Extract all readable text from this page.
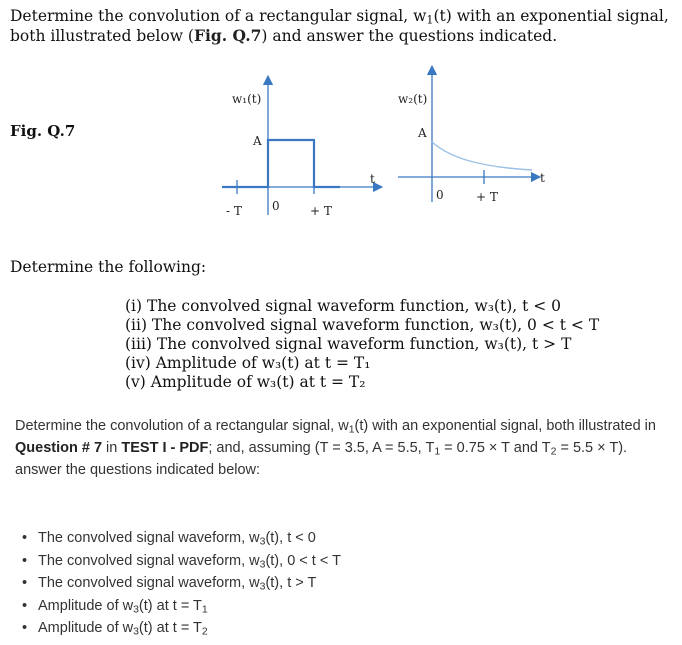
Determine the convolution of a rectangular signal, $w_1(t)$ with an exponential signal, both illustrated below (Fig. Q.7) and answer the questions indicated.
Fig. Q.7
w₁(t)
A
t
- T	0	+ T
w₂(t)
A
t
0	+ T
Determine the following:
(i) The convolved signal waveform function, w₃(t), t < 0
(ii) The convolved signal waveform function, w₃(t), 0 < t < T
(iii) The convolved signal waveform function, w₃(t), t > T
(iv) Amplitude of w₃(t) at t = T₁
(v) Amplitude of w₃(t) at t = T₂
Determine the convolution of a rectangular signal, $w_1(t)$ with an exponential signal, both illustrated in
Question # 7 in TEST I - PDF; and, assuming (T = 3.5, A = 5.5, $T_1 = 0.75 \times T$ and $T_2 = 5.5 \times T$).
answer the questions indicated below:
• The convolved signal waveform, $w_3(t)$, t < 0
• The convolved signal waveform, $w_3(t)$, 0 < t < T
• The convolved signal waveform, $w_3(t)$, t > T
• Amplitude of $w_3(t)$ at $t = T_1$
• Amplitude of $w_3(t)$ at $t = T_2$
